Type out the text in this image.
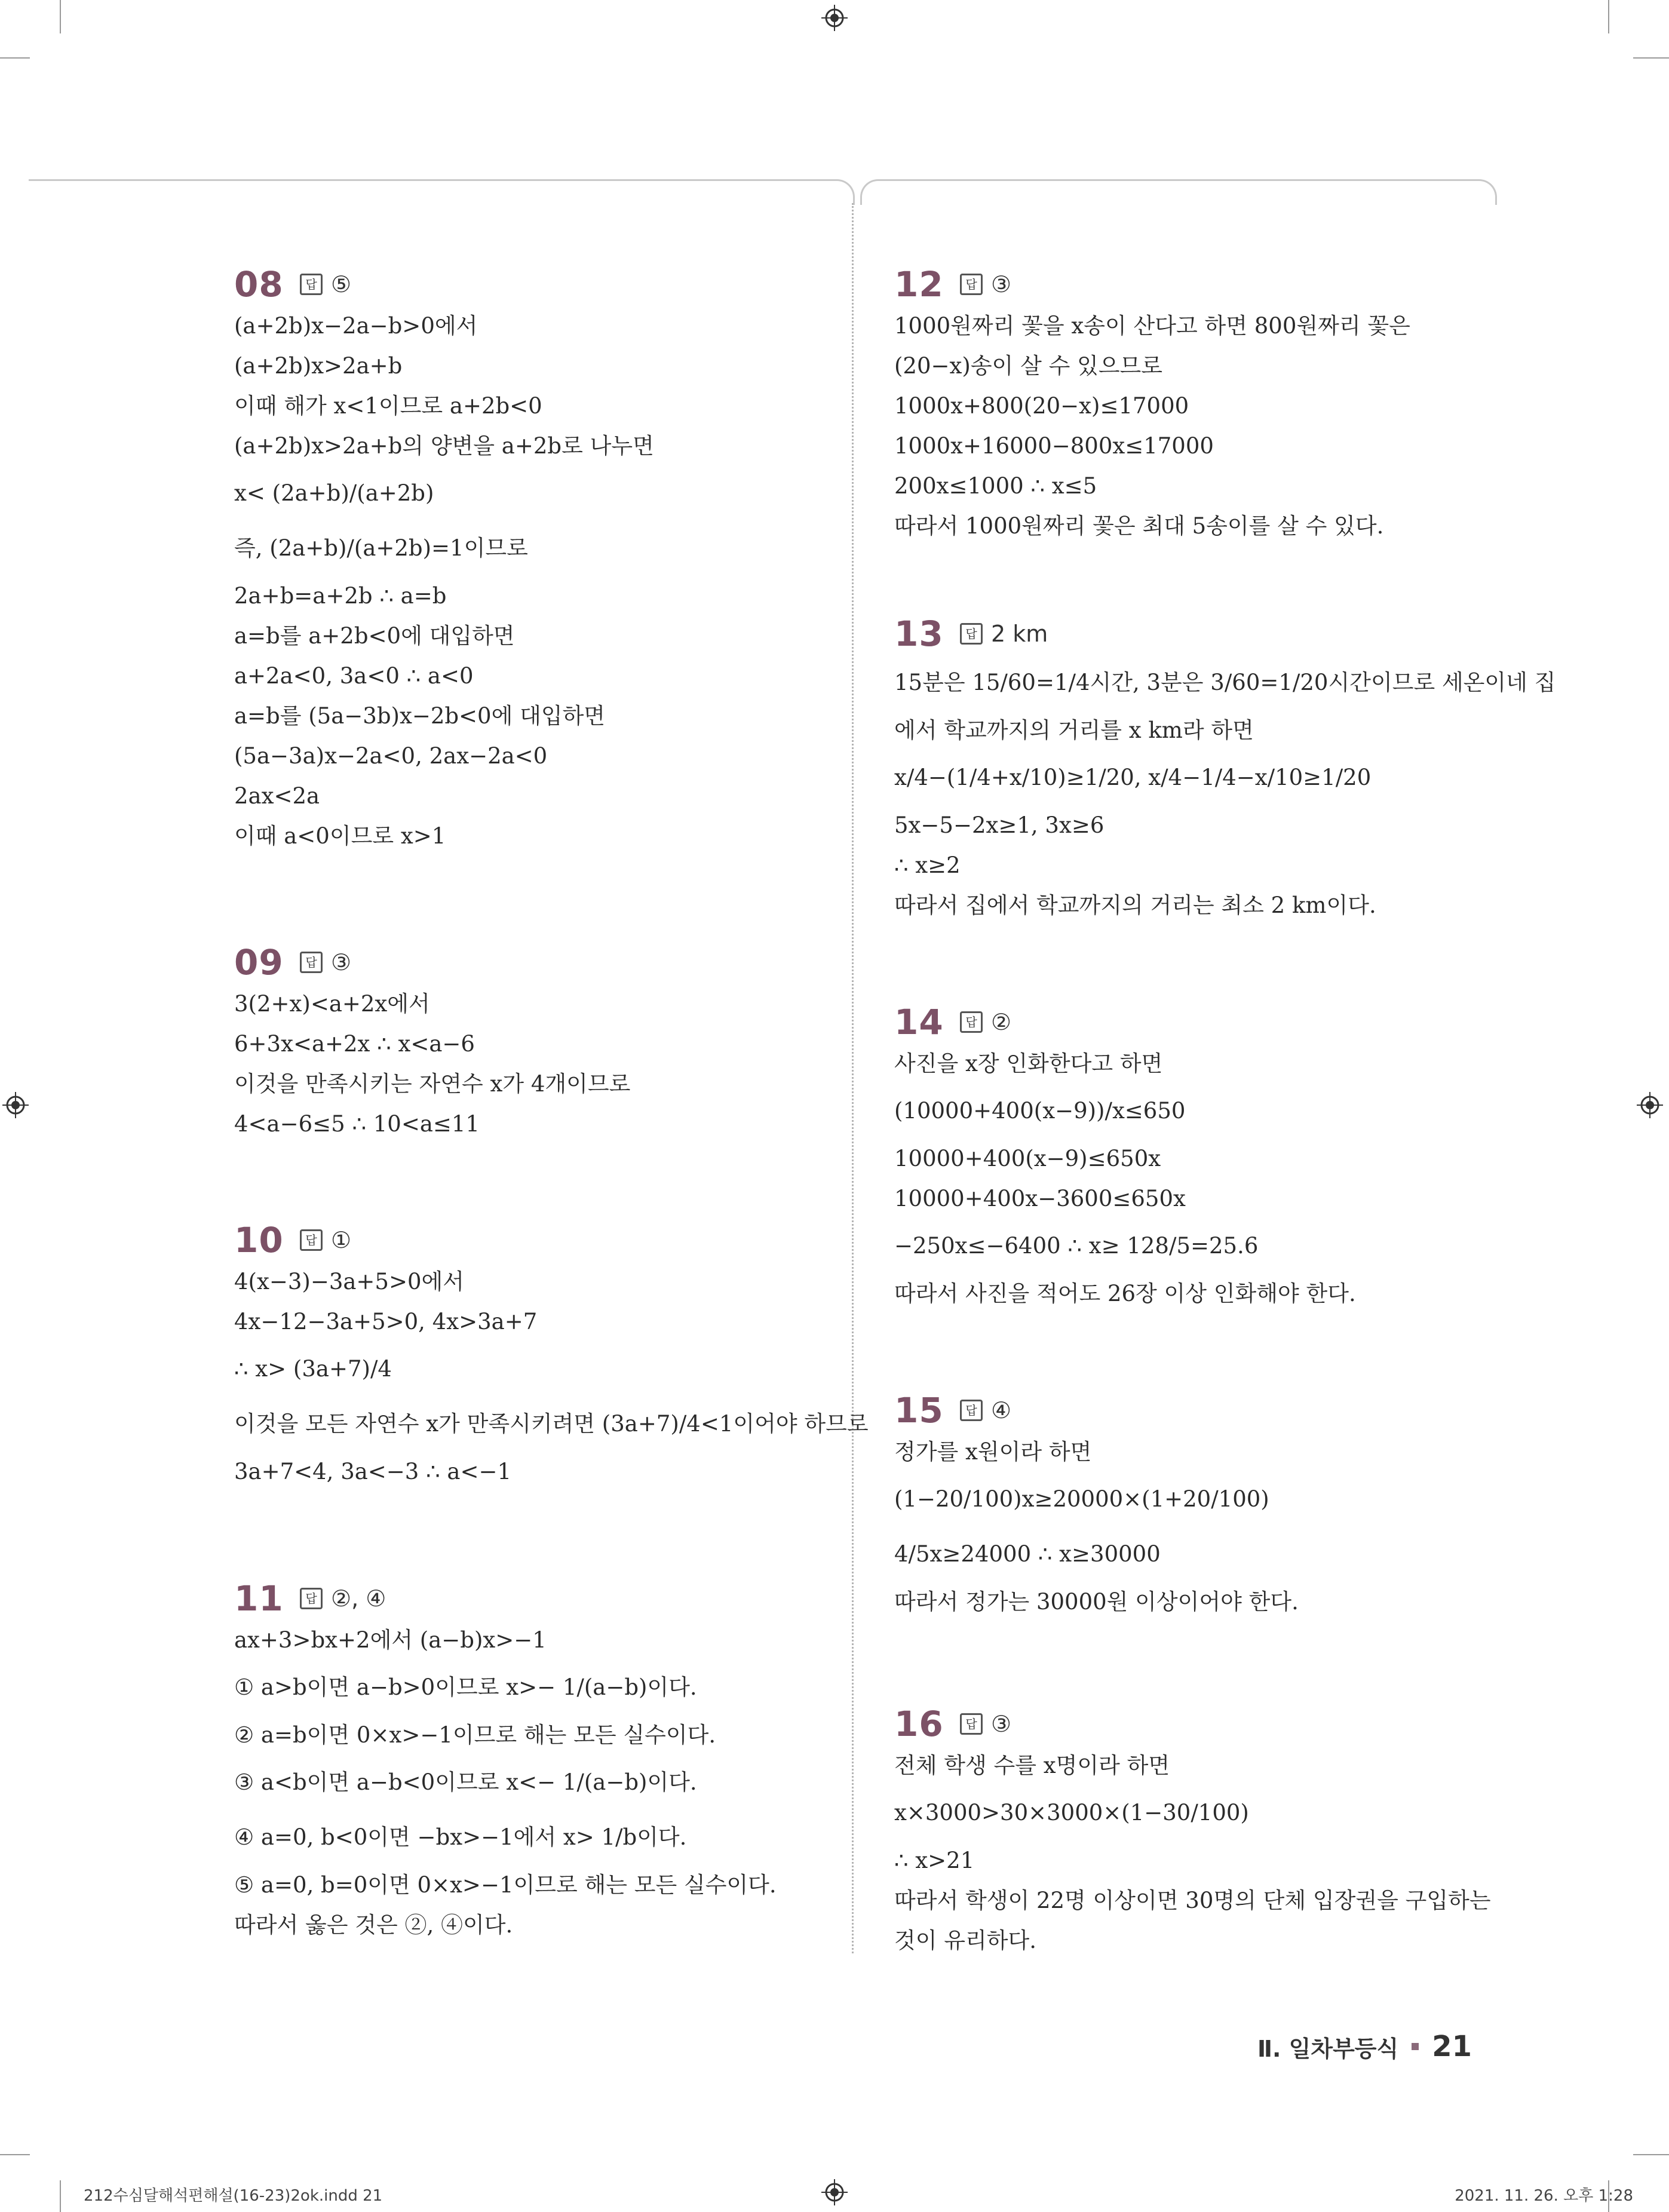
08	답 ⑤
(a+2b)x−2a−b>0에서
(a+2b)x>2a+b
이때 해가 x<1이므로 a+2b<0
(a+2b)x>2a+b의 양변을 a+2b로 나누면
x< (2a+b)/(a+2b)
즉, (2a+b)/(a+2b)=1이므로
2a+b=a+2b ∴ a=b
a=b를 a+2b<0에 대입하면
a+2a<0, 3a<0 ∴ a<0
a=b를 (5a−3b)x−2b<0에 대입하면
(5a−3a)x−2a<0, 2ax−2a<0
2ax<2a
이때 a<0이므로 x>1
09	답 ③
3(2+x)<a+2x에서
6+3x<a+2x ∴ x<a−6
이것을 만족시키는 자연수 x가 4개이므로
4<a−6≤5 ∴ 10<a≤11
10	답 ①
4(x−3)−3a+5>0에서
4x−12−3a+5>0, 4x>3a+7
∴ x> (3a+7)/4
이것을 모든 자연수 x가 만족시키려면 (3a+7)/4<1이어야 하므로
3a+7<4, 3a<−3 ∴ a<−1
11	답 ②, ④
ax+3>bx+2에서 (a−b)x>−1
① a>b이면 a−b>0이므로 x>− 1/(a−b)이다.
② a=b이면 0×x>−1이므로 해는 모든 실수이다.
③ a<b이면 a−b<0이므로 x<− 1/(a−b)이다.
④ a=0, b<0이면 −bx>−1에서 x> 1/b이다.
⑤ a=0, b=0이면 0×x>−1이므로 해는 모든 실수이다.
따라서 옳은 것은 ②, ④이다.
12	답 ③
1000원짜리 꽃을 x송이 산다고 하면 800원짜리 꽃은
(20−x)송이 살 수 있으므로
1000x+800(20−x)≤17000
1000x+16000−800x≤17000
200x≤1000 ∴ x≤5
따라서 1000원짜리 꽃은 최대 5송이를 살 수 있다.
13	답 2 km
15분은 15/60=1/4시간, 3분은 3/60=1/20시간이므로 세온이네 집
에서 학교까지의 거리를 x km라 하면
x/4−(1/4+x/10)≥1/20, x/4−1/4−x/10≥1/20
5x−5−2x≥1, 3x≥6
∴ x≥2
따라서 집에서 학교까지의 거리는 최소 2 km이다.
14	답 ②
사진을 x장 인화한다고 하면
(10000+400(x−9))/x≤650
10000+400(x−9)≤650x
10000+400x−3600≤650x
−250x≤−6400 ∴ x≥ 128/5=25.6
따라서 사진을 적어도 26장 이상 인화해야 한다.
15	답 ④
정가를 x원이라 하면
(1−20/100)x≥20000×(1+20/100)
4/5x≥24000 ∴ x≥30000
따라서 정가는 30000원 이상이어야 한다.
16	답 ③
전체 학생 수를 x명이라 하면
x×3000>30×3000×(1−30/100)
∴ x>21
따라서 학생이 22명 이상이면 30명의 단체 입장권을 구입하는
것이 유리하다.
Ⅱ. 일차부등식 21
212수심달해석편해설(16-23)2ok.indd 21	2021. 11. 26. 오후 1:28
